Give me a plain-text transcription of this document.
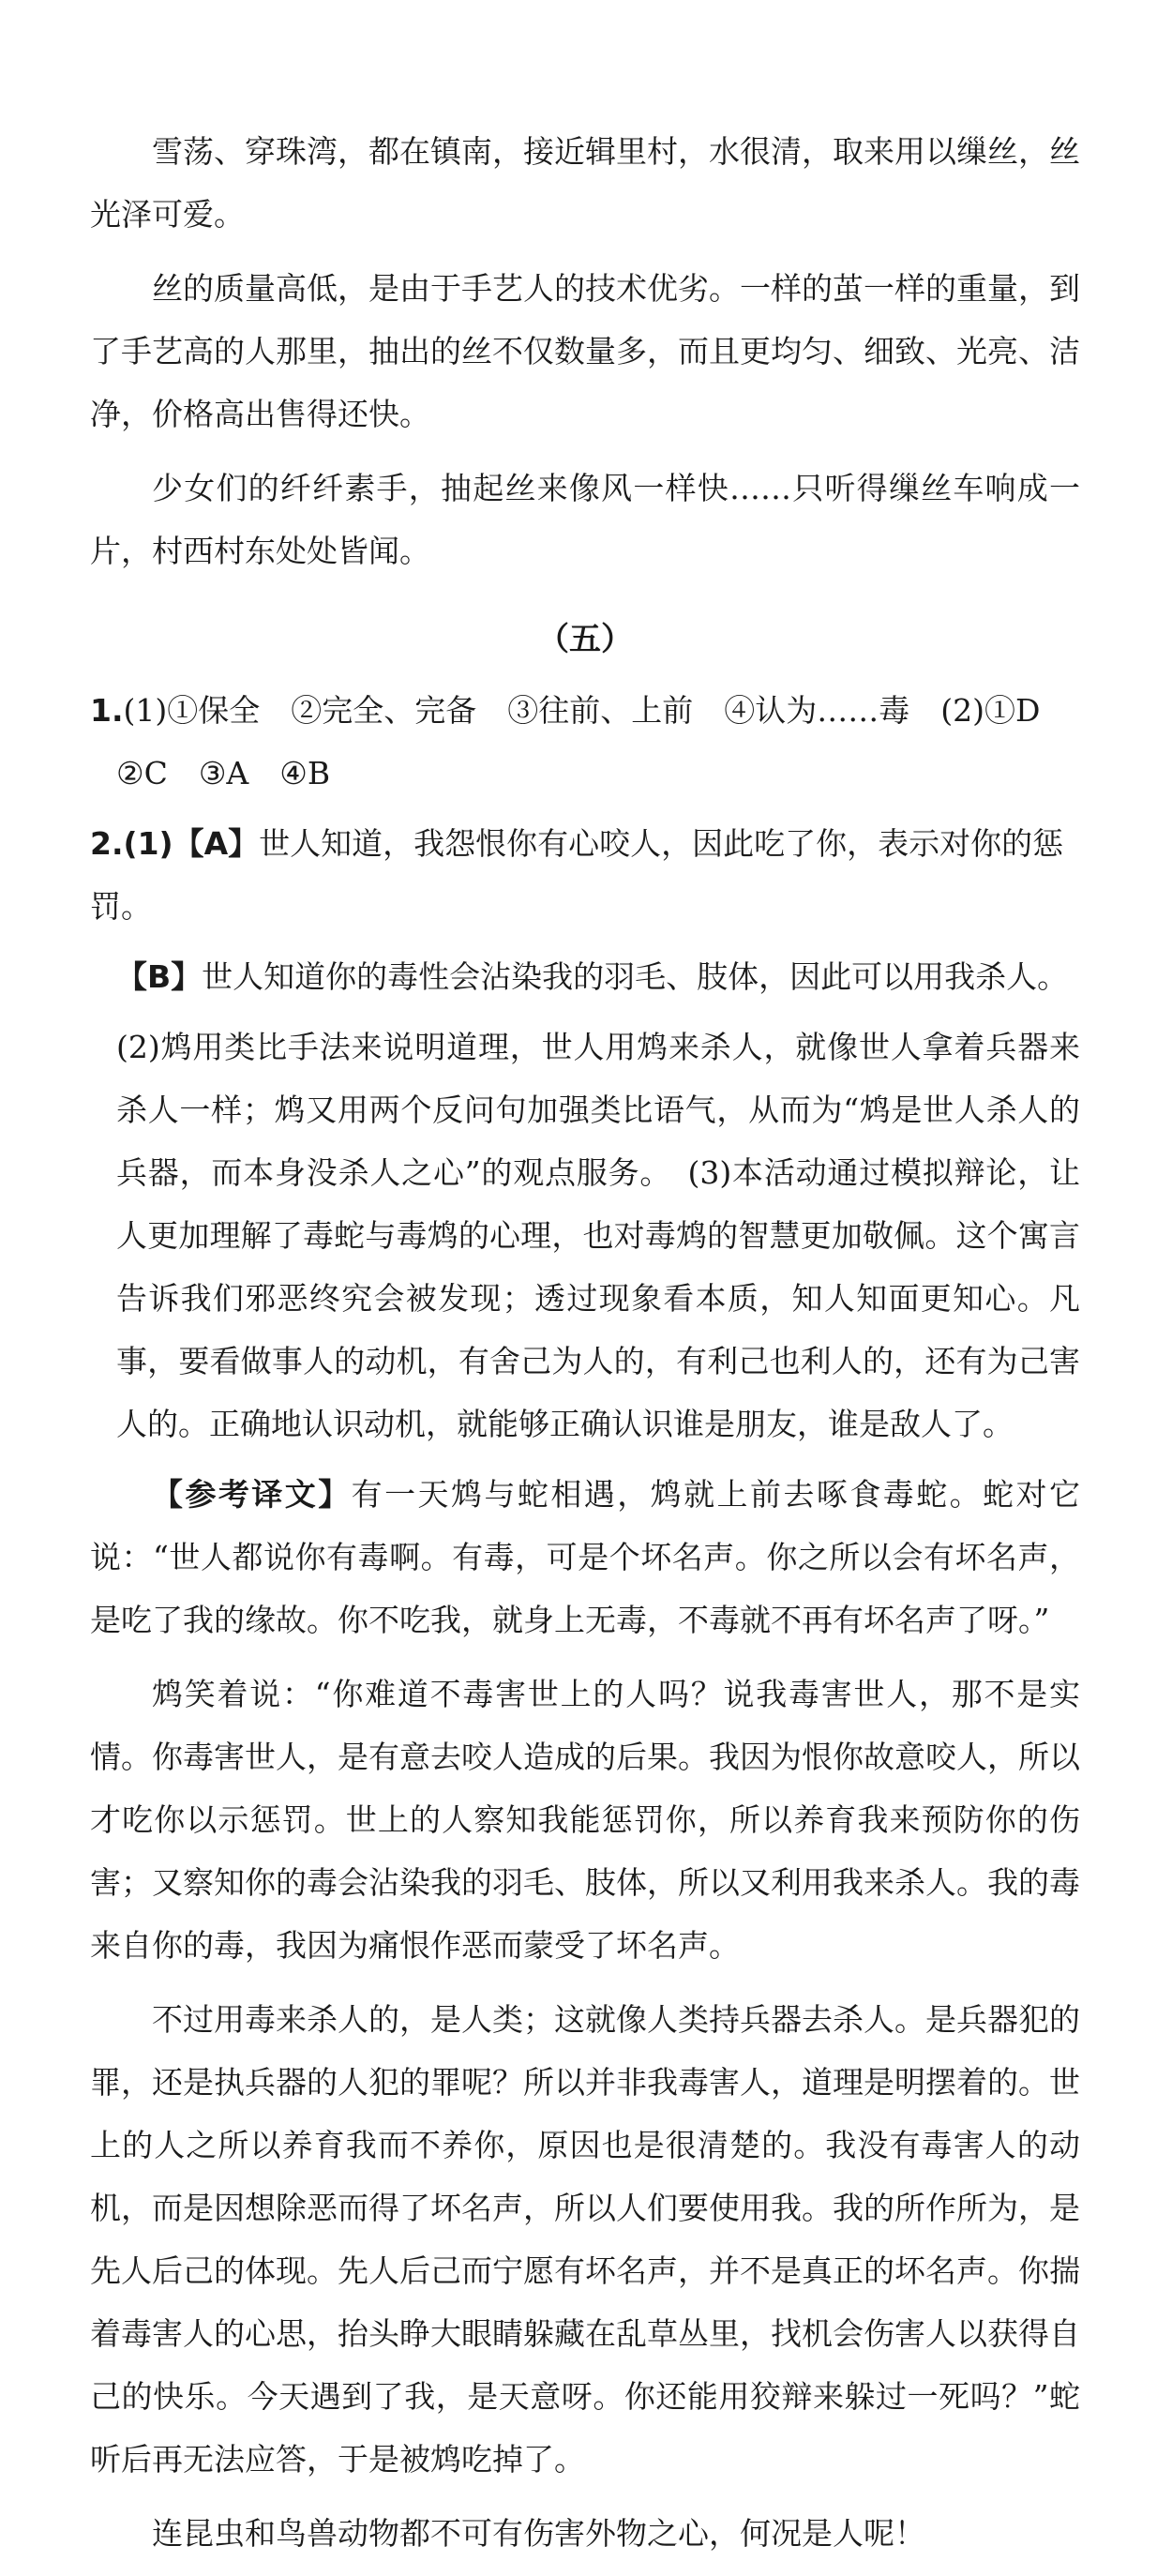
雪荡、穿珠湾，都在镇南，接近辑里村，水很清，取来用以缫丝，丝光泽可爱。

丝的质量高低，是由于手艺人的技术优劣。一样的茧一样的重量，到了手艺高的人那里，抽出的丝不仅数量多，而且更均匀、细致、光亮、洁净，价格高出售得还快。

少女们的纤纤素手，抽起丝来像风一样快……只听得缫丝车响成一片，村西村东处处皆闻。

（五）
1.(1)①保全　②完全、完备　③往前、上前　④认为……毒　(2)①D
②C　③A　④B
2.(1)【A】世人知道，我怨恨你有心咬人，因此吃了你，表示对你的惩罚。

【B】世人知道你的毒性会沾染我的羽毛、肢体，因此可以用我杀人。

(2)鸩用类比手法来说明道理，世人用鸩来杀人，就像世人拿着兵器来杀人一样；鸩又用两个反问句加强类比语气，从而为“鸩是世人杀人的兵器，而本身没杀人之心”的观点服务。　(3)本活动通过模拟辩论，让人更加理解了毒蛇与毒鸩的心理，也对毒鸩的智慧更加敬佩。这个寓言告诉我们邪恶终究会被发现；透过现象看本质，知人知面更知心。凡事，要看做事人的动机，有舍己为人的，有利己也利人的，还有为己害人的。正确地认识动机，就能够正确认识谁是朋友，谁是敌人了。

【参考译文】有一天鸩与蛇相遇，鸩就上前去啄食毒蛇。蛇对它说：“世人都说你有毒啊。有毒，可是个坏名声。你之所以会有坏名声，是吃了我的缘故。你不吃我，就身上无毒，不毒就不再有坏名声了呀。”

鸩笑着说：“你难道不毒害世上的人吗？说我毒害世人，那不是实情。你毒害世人，是有意去咬人造成的后果。我因为恨你故意咬人，所以才吃你以示惩罚。世上的人察知我能惩罚你，所以养育我来预防你的伤害；又察知你的毒会沾染我的羽毛、肢体，所以又利用我来杀人。我的毒来自你的毒，我因为痛恨作恶而蒙受了坏名声。

不过用毒来杀人的，是人类；这就像人类持兵器去杀人。是兵器犯的罪，还是执兵器的人犯的罪呢？所以并非我毒害人，道理是明摆着的。世上的人之所以养育我而不养你，原因也是很清楚的。我没有毒害人的动机，而是因想除恶而得了坏名声，所以人们要使用我。我的所作所为，是先人后己的体现。先人后己而宁愿有坏名声，并不是真正的坏名声。你揣着毒害人的心思，抬头睁大眼睛躲藏在乱草丛里，找机会伤害人以获得自己的快乐。今天遇到了我，是天意呀。你还能用狡辩来躲过一死吗？”蛇听后再无法应答，于是被鸩吃掉了。

连昆虫和鸟兽动物都不可有伤害外物之心，何况是人呢！
